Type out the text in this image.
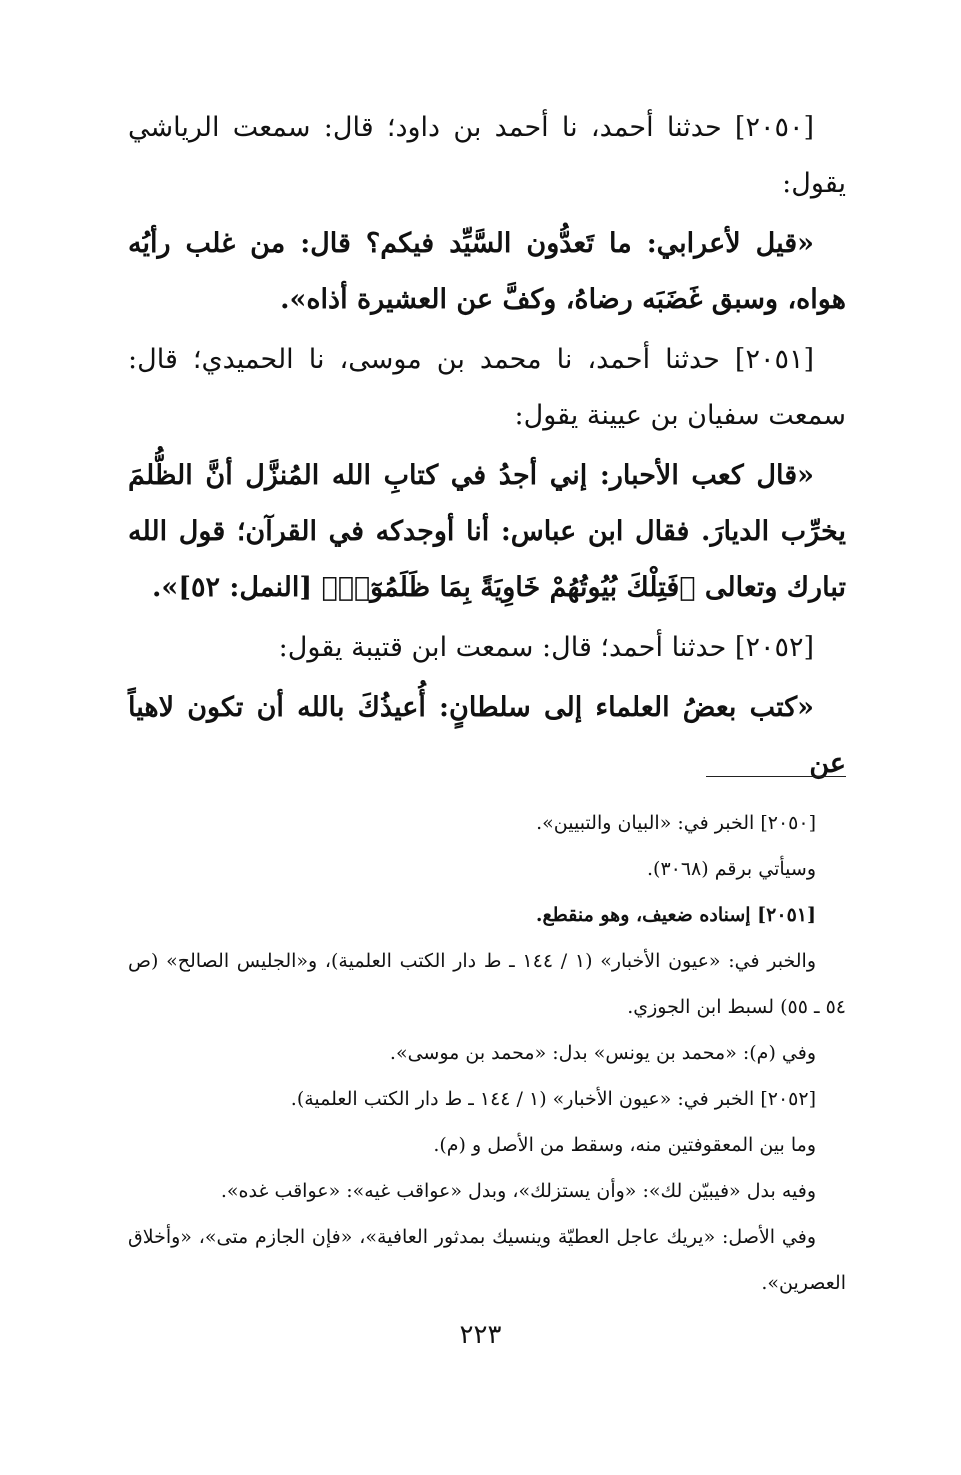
[٢٠٥٠] حدثنا أحمد، نا أحمد بن داود؛ قال: سمعت الرياشي يقول:

«قيل لأعرابي: ما تَعدُّون السَّيِّد فيكم؟ قال: من غلب رأيُه هواه، وسبق غَضَبَه رضاهُ، وكفَّ عن العشيرة أذاه».

[٢٠٥١] حدثنا أحمد، نا محمد بن موسى، نا الحميدي؛ قال: سمعت سفيان بن عيينة يقول:

«قال كعب الأحبار: إني أجدُ في كتابِ الله المُنزَّل أنَّ الظُّلمَ يخرِّب الديارَ. فقال ابن عباس: أنا أوجدكه في القرآن؛ قول الله تبارك وتعالى ﴿فَتِلْكَ بُيُوتُهُمْ خَاوِيَةً بِمَا ظَلَمُوٓا۟﴾ [النمل: ٥٢]».

[٢٠٥٢] حدثنا أحمد؛ قال: سمعت ابن قتيبة يقول:

«كتب بعضُ العلماء إلى سلطانٍ: أُعيذُكَ بالله أن تكون لاهياً عن

[٢٠٥٠] الخبر في: «البيان والتبيين».

وسيأتي برقم (٣٠٦٨).

[٢٠٥١] إسناده ضعيف، وهو منقطع.

والخبر في: «عيون الأخبار» (١ / ١٤٤ ـ ط دار الكتب العلمية)، و«الجليس الصالح» (ص ٥٤ ـ ٥٥) لسبط ابن الجوزي.

وفي (م): «محمد بن يونس» بدل: «محمد بن موسى».

[٢٠٥٢] الخبر في: «عيون الأخبار» (١ / ١٤٤ ـ ط دار الكتب العلمية).

وما بين المعقوفتين منه، وسقط من الأصل و (م).

وفيه بدل «فيبيّن لك»: «وأن يستزلك»، وبدل «عواقب غيه»: «عواقب غده».

وفي الأصل: «يريك عاجل العطيّة وينسيك بمدثور العافية»، «فإن الجازم متى»، «وأخلاق العصرين».

٢٢٣
